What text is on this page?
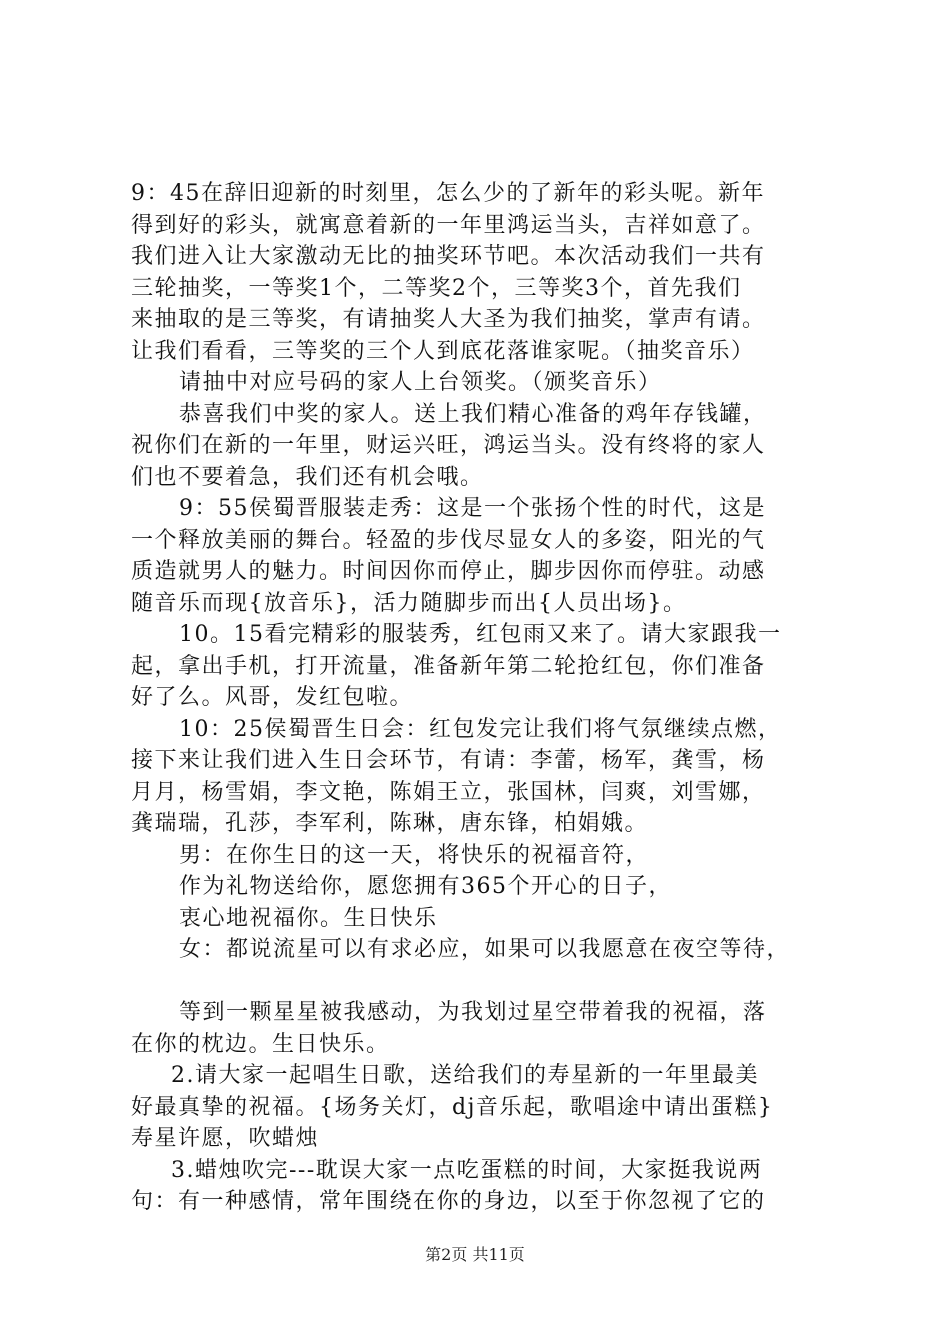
9：45在辞旧迎新的时刻里，怎么少的了新年的彩头呢。新年
得到好的彩头，就寓意着新的一年里鸿运当头，吉祥如意了。
我们进入让大家激动无比的抽奖环节吧。本次活动我们一共有
三轮抽奖，一等奖1个，二等奖2个，三等奖3个，首先我们
来抽取的是三等奖，有请抽奖人大圣为我们抽奖，掌声有请。
让我们看看，三等奖的三个人到底花落谁家呢。（抽奖音乐）
请抽中对应号码的家人上台领奖。（颁奖音乐）
恭喜我们中奖的家人。送上我们精心准备的鸡年存钱罐，
祝你们在新的一年里，财运兴旺，鸿运当头。没有终将的家人
们也不要着急，我们还有机会哦。
9：55侯蜀晋服装走秀：这是一个张扬个性的时代，这是
一个释放美丽的舞台。轻盈的步伐尽显女人的多姿，阳光的气
质造就男人的魅力。时间因你而停止，脚步因你而停驻。动感
随音乐而现{放音乐}，活力随脚步而出{人员出场}。
10。15看完精彩的服装秀，红包雨又来了。请大家跟我一
起，拿出手机，打开流量，准备新年第二轮抢红包，你们准备
好了么。风哥，发红包啦。
10：25侯蜀晋生日会：红包发完让我们将气氛继续点燃，
接下来让我们进入生日会环节，有请：李蕾，杨军，龚雪，杨
月月，杨雪娟，李文艳，陈娟王立，张国林，闫爽，刘雪娜，
龚瑞瑞，孔莎，李军利，陈琳，唐东锋，柏娟娥。
男：在你生日的这一天，将快乐的祝福音符，
作为礼物送给你，愿您拥有365个开心的日子，
衷心地祝福你。生日快乐
女：都说流星可以有求必应，如果可以我愿意在夜空等待，
等到一颗星星被我感动，为我划过星空带着我的祝福，落
在你的枕边。生日快乐。
2.请大家一起唱生日歌，送给我们的寿星新的一年里最美
好最真挚的祝福。{场务关灯，dj音乐起，歌唱途中请出蛋糕}
寿星许愿，吹蜡烛
3.蜡烛吹完---耽误大家一点吃蛋糕的时间，大家挺我说两
句：有一种感情，常年围绕在你的身边，以至于你忽视了它的
第2页 共11页
